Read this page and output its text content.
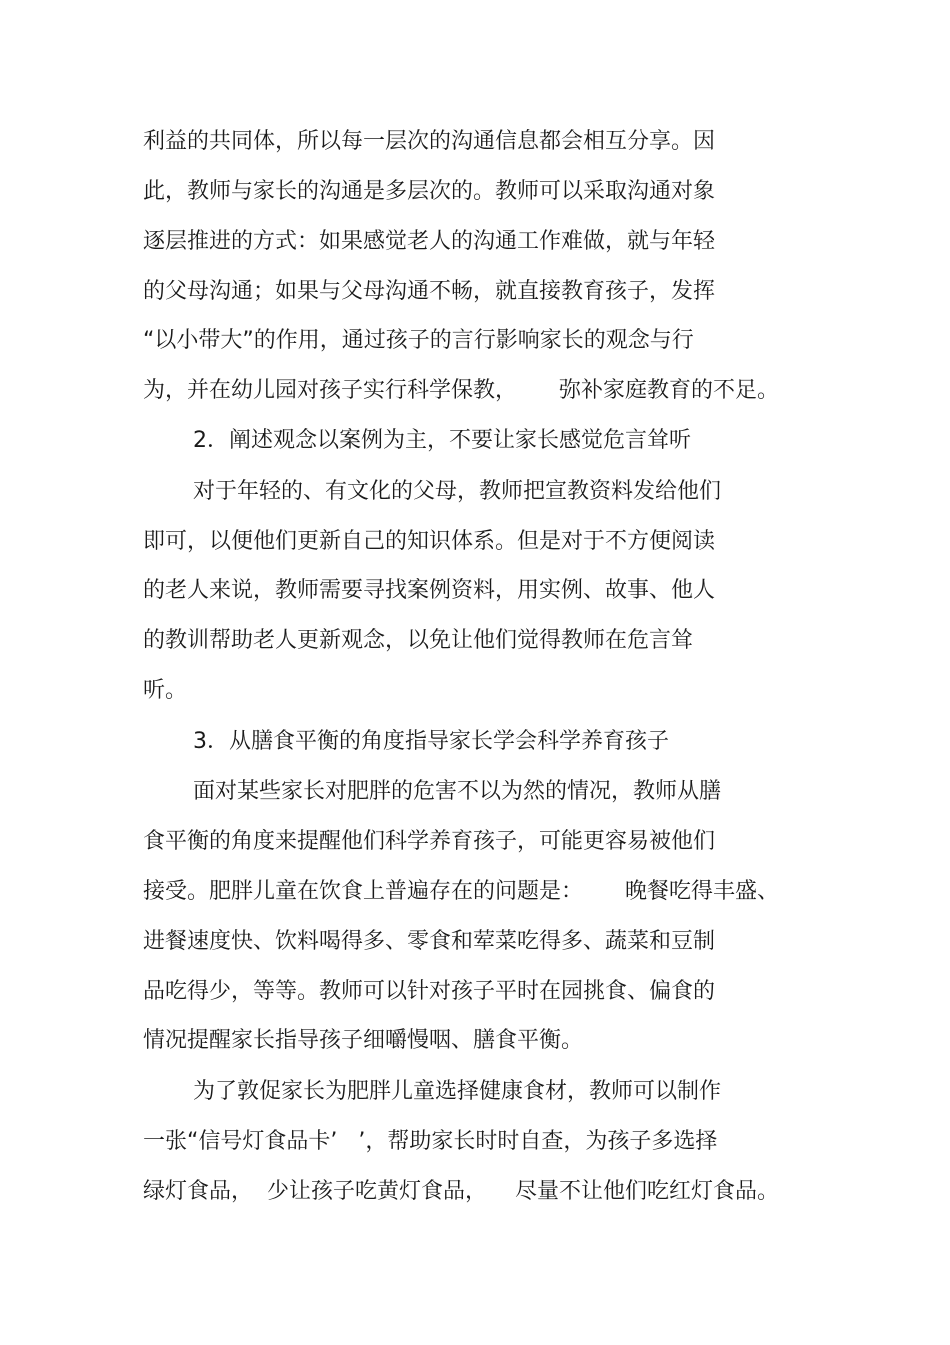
利益的共同体，所以每一层次的沟通信息都会相互分享。因
此，教师与家长的沟通是多层次的。教师可以采取沟通对象
逐层推进的方式：如果感觉老人的沟通工作难做，就与年轻
的父母沟通；如果与父母沟通不畅，就直接教育孩子，发挥
“以小带大”的作用，通过孩子的言行影响家长的观念与行
为，并在幼儿园对孩子实行科学保教，      弥补家庭教育的不足。
2．阐述观念以案例为主，不要让家长感觉危言耸听
对于年轻的、有文化的父母，教师把宣教资料发给他们
即可，以便他们更新自己的知识体系。但是对于不方便阅读
的老人来说，教师需要寻找案例资料，用实例、故事、他人
的教训帮助老人更新观念，以免让他们觉得教师在危言耸
听。
3．从膳食平衡的角度指导家长学会科学养育孩子
面对某些家长对肥胖的危害不以为然的情况，教师从膳
食平衡的角度来提醒他们科学养育孩子，可能更容易被他们
接受。肥胖儿童在饮食上普遍存在的问题是：      晚餐吃得丰盛、
进餐速度快、饮料喝得多、零食和荤菜吃得多、蔬菜和豆制
品吃得少，等等。教师可以针对孩子平时在园挑食、偏食的
情况提醒家长指导孩子细嚼慢咽、膳食平衡。
为了敦促家长为肥胖儿童选择健康食材，教师可以制作
一张“信号灯食品卡’   ’，帮助家长时时自查，为孩子多选择
绿灯食品，  少让孩子吃黄灯食品，    尽量不让他们吃红灯食品。
